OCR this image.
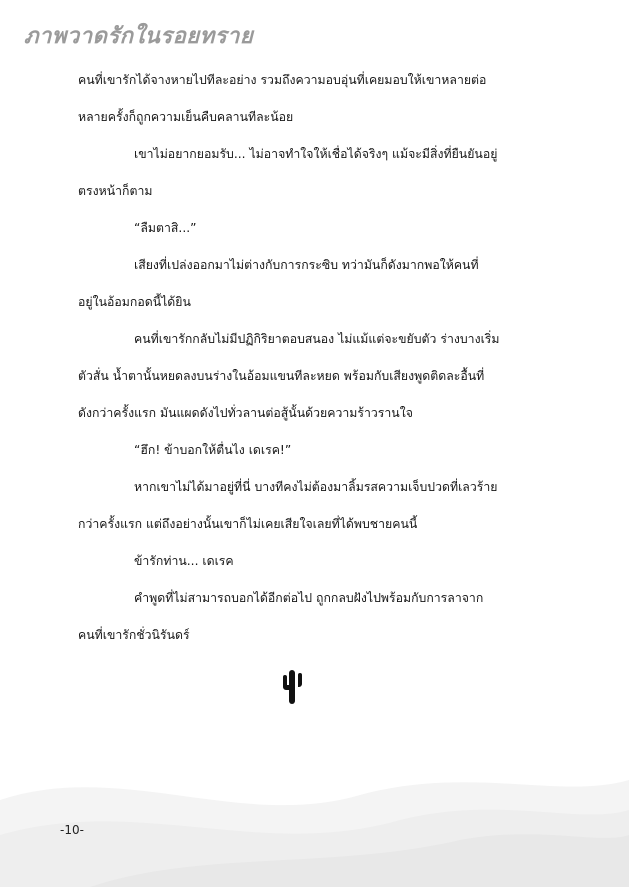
ภาพวาดรักในรอยทราย
คนที่เขารักได้จางหายไปทีละอย่าง รวมถึงความอบอุ่นที่เคยมอบให้เขาหลายต่อ
หลายครั้งก็ถูกความเย็นคืบคลานทีละน้อย
เขาไม่อยากยอมรับ... ไม่อาจทำใจให้เชื่อได้จริงๆ แม้จะมีสิ่งที่ยืนยันอยู่
ตรงหน้าก็ตาม
“ลืมตาสิ...”
เสียงที่เปล่งออกมาไม่ต่างกับการกระซิบ ทว่ามันก็ดังมากพอให้คนที่
อยู่ในอ้อมกอดนี้ได้ยิน
คนที่เขารักกลับไม่มีปฏิกิริยาตอบสนอง ไม่แม้แต่จะขยับตัว ร่างบางเริ่ม
ตัวสั่น น้ำตานั้นหยดลงบนร่างในอ้อมแขนทีละหยด พร้อมกับเสียงพูดติดละอื้นที่
ดังกว่าครั้งแรก มันแผดดังไปทั่วลานต่อสู้นั้นด้วยความร้าวรานใจ
“ฮึก! ข้าบอกให้ตื่นไง เดเรค!”
หากเขาไม่ได้มาอยู่ที่นี่ บางทีคงไม่ต้องมาลิ้มรสความเจ็บปวดที่เลวร้าย
กว่าครั้งแรก แต่ถึงอย่างนั้นเขาก็ไม่เคยเสียใจเลยที่ได้พบชายคนนี้
ข้ารักท่าน... เดเรค
คำพูดที่ไม่สามารถบอกได้อีกต่อไป ถูกกลบฝังไปพร้อมกับการลาจาก
คนที่เขารักชั่วนิรันดร์
-10-
